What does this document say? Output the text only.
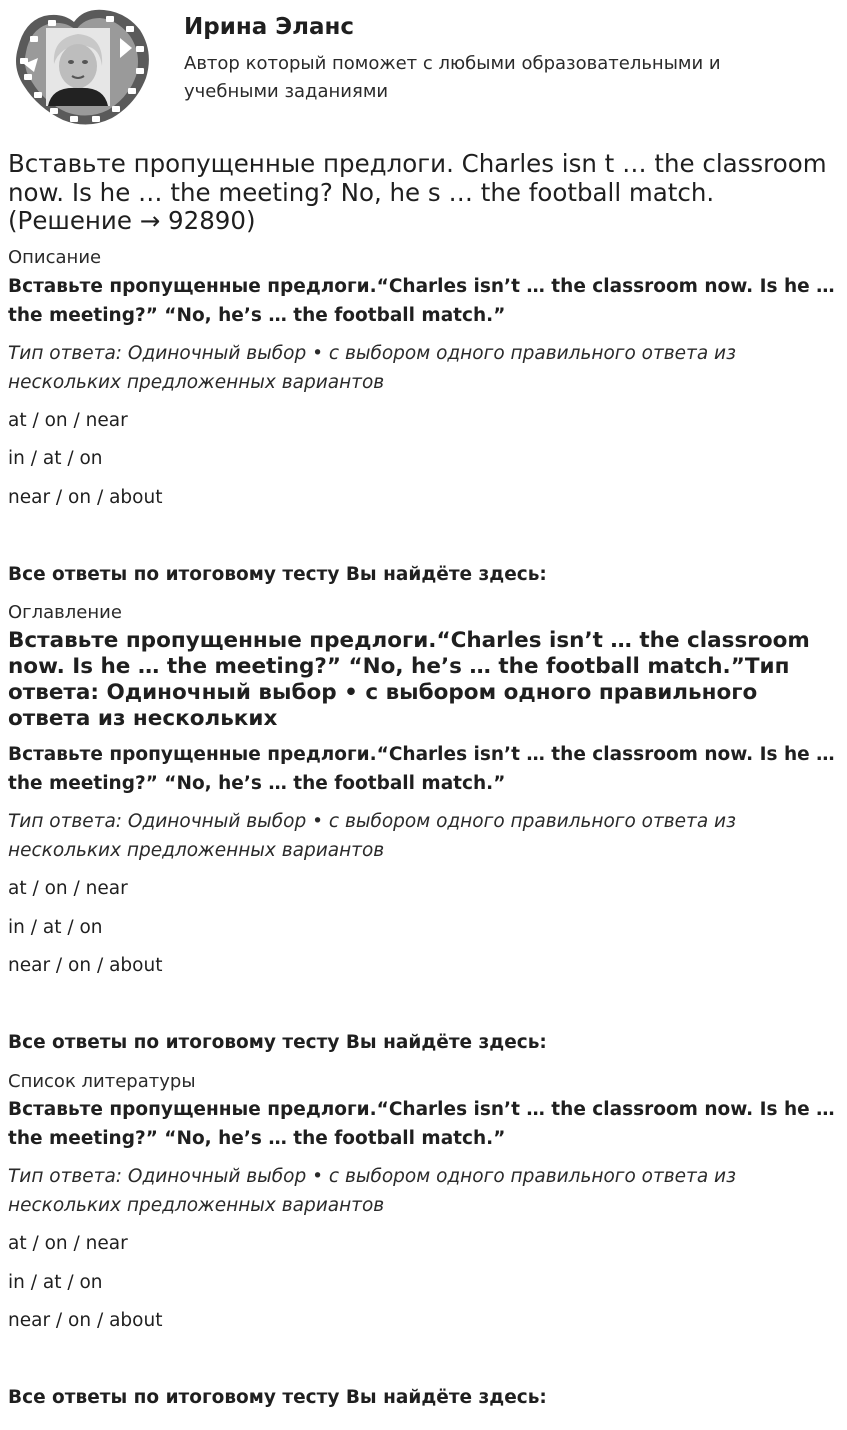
Ирина Эланс
Автор который поможет с любыми образовательными и учебными заданиями
Вставьте пропущенные предлоги. Charles isn t … the classroom now. Is he … the meeting? No, he s … the football match. (Решение → 92890)
Описание
Вставьте пропущенные предлоги.“Charles isn’t … the classroom now. Is he … the meeting?” “No, he’s … the football match.”
Тип ответа: Одиночный выбор • с выбором одного правильного ответа из нескольких предложенных вариантов
at / on / near
in / at / on
near / on / about
Все ответы по итоговому тесту Вы найдёте здесь:
Оглавление
Вставьте пропущенные предлоги.“Charles isn’t … the classroom now. Is he … the meeting?” “No, he’s … the football match.”Тип ответа: Одиночный выбор • с выбором одного правильного ответа из нескольких
Вставьте пропущенные предлоги.“Charles isn’t … the classroom now. Is he … the meeting?” “No, he’s … the football match.”
Тип ответа: Одиночный выбор • с выбором одного правильного ответа из нескольких предложенных вариантов
at / on / near
in / at / on
near / on / about
Все ответы по итоговому тесту Вы найдёте здесь:
Список литературы
Вставьте пропущенные предлоги.“Charles isn’t … the classroom now. Is he … the meeting?” “No, he’s … the football match.”
Тип ответа: Одиночный выбор • с выбором одного правильного ответа из нескольких предложенных вариантов
at / on / near
in / at / on
near / on / about
Все ответы по итоговому тесту Вы найдёте здесь:
